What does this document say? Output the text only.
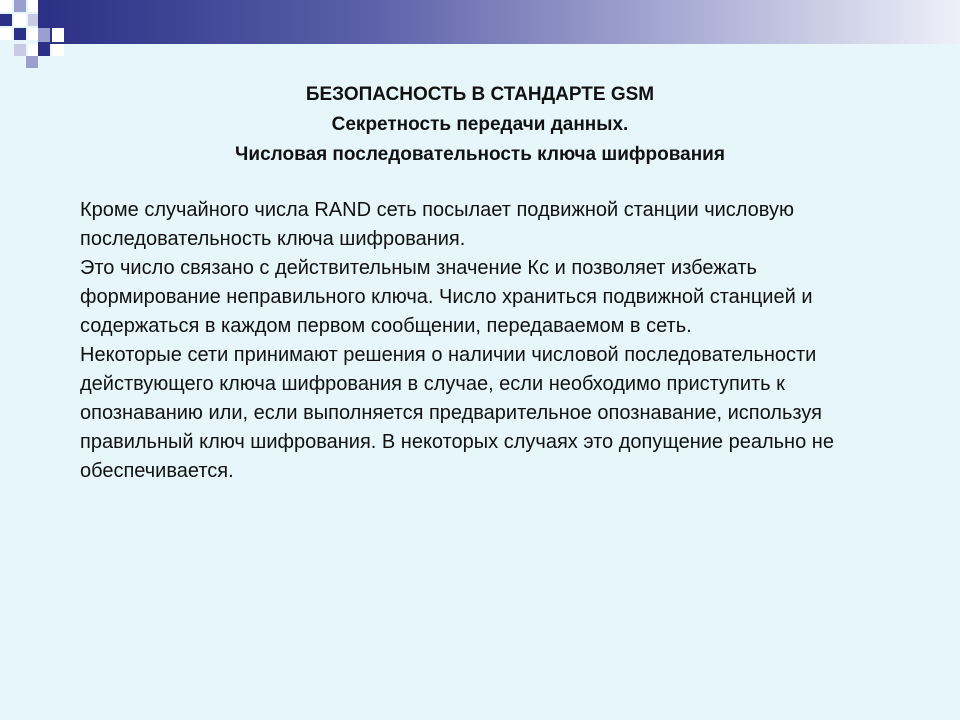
БЕЗОПАСНОСТЬ В СТАНДАРТЕ GSM
Секретность передачи данных.
Числовая последовательность ключа шифрования

Кроме случайного числа RAND сеть посылает подвижной станции числовую последовательность ключа шифрования.

Это число связано с действительным значение Кс и позволяет избежать формирование неправильного ключа. Число храниться подвижной станцией и содержаться в каждом первом сообщении, передаваемом в сеть.

Некоторые сети принимают решения о наличии числовой последовательности действующего ключа шифрования в случае, если необходимо приступить к опознаванию или, если выполняется предварительное опознавание, используя правильный ключ шифрования. В некоторых случаях это допущение реально не обеспечивается.
